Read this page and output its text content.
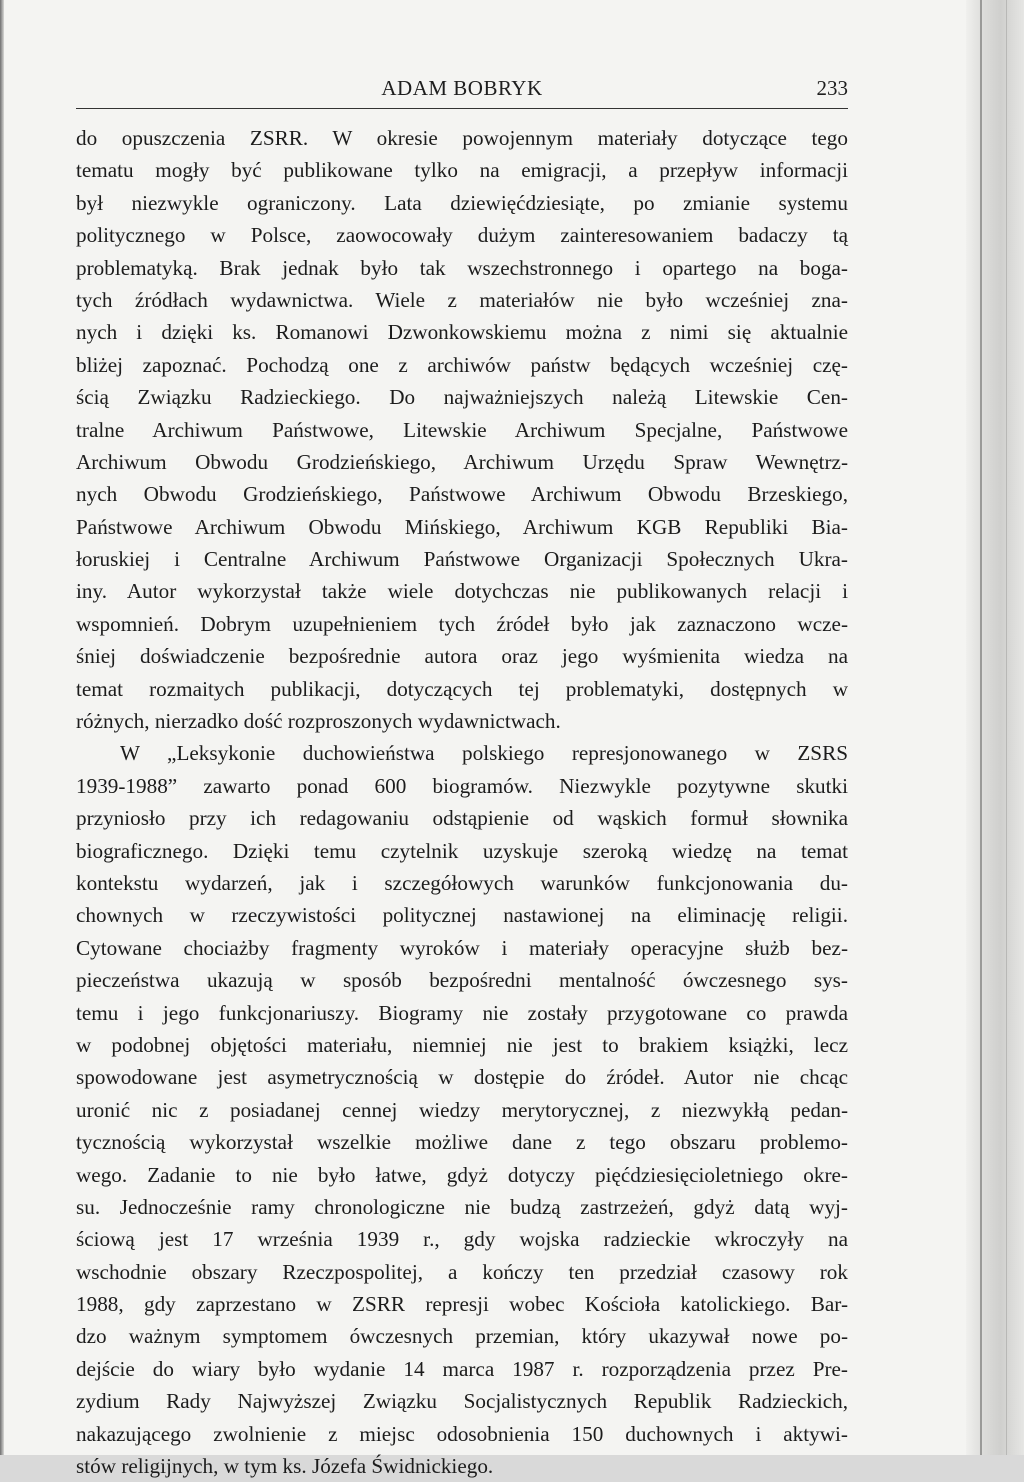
ADAM BOBRYK	233
do opuszczenia ZSRR. W okresie powojennym materiały dotyczące tego
tematu mogły być publikowane tylko na emigracji, a przepływ informacji
był niezwykle ograniczony. Lata dziewięćdziesiąte, po zmianie systemu
politycznego w Polsce, zaowocowały dużym zainteresowaniem badaczy tą
problematyką. Brak jednak było tak wszechstronnego i opartego na boga-
tych źródłach wydawnictwa. Wiele z materiałów nie było wcześniej zna-
nych i dzięki ks. Romanowi Dzwonkowskiemu można z nimi się aktualnie
bliżej zapoznać. Pochodzą one z archiwów państw będących wcześniej czę-
ścią Związku Radzieckiego. Do najważniejszych należą Litewskie Cen-
tralne Archiwum Państwowe, Litewskie Archiwum Specjalne, Państwowe
Archiwum Obwodu Grodzieńskiego, Archiwum Urzędu Spraw Wewnętrz-
nych Obwodu Grodzieńskiego, Państwowe Archiwum Obwodu Brzeskiego,
Państwowe Archiwum Obwodu Mińskiego, Archiwum KGB Republiki Bia-
łoruskiej i Centralne Archiwum Państwowe Organizacji Społecznych Ukra-
iny. Autor wykorzystał także wiele dotychczas nie publikowanych relacji i
wspomnień. Dobrym uzupełnieniem tych źródeł było jak zaznaczono wcze-
śniej doświadczenie bezpośrednie autora oraz jego wyśmienita wiedza na
temat rozmaitych publikacji, dotyczących tej problematyki, dostępnych w
różnych, nierzadko dość rozproszonych wydawnictwach.
W „Leksykonie duchowieństwa polskiego represjonowanego w ZSRS
1939-1988” zawarto ponad 600 biogramów. Niezwykle pozytywne skutki
przyniosło przy ich redagowaniu odstąpienie od wąskich formuł słownika
biograficznego. Dzięki temu czytelnik uzyskuje szeroką wiedzę na temat
kontekstu wydarzeń, jak i szczegółowych warunków funkcjonowania du-
chownych w rzeczywistości politycznej nastawionej na eliminację religii.
Cytowane chociażby fragmenty wyroków i materiały operacyjne służb bez-
pieczeństwa ukazują w sposób bezpośredni mentalność ówczesnego sys-
temu i jego funkcjonariuszy. Biogramy nie zostały przygotowane co prawda
w podobnej objętości materiału, niemniej nie jest to brakiem książki, lecz
spowodowane jest asymetrycznością w dostępie do źródeł. Autor nie chcąc
uronić nic z posiadanej cennej wiedzy merytorycznej, z niezwykłą pedan-
tycznością wykorzystał wszelkie możliwe dane z tego obszaru problemo-
wego. Zadanie to nie było łatwe, gdyż dotyczy pięćdziesięcioletniego okre-
su. Jednocześnie ramy chronologiczne nie budzą zastrzeżeń, gdyż datą wyj-
ściową jest 17 września 1939 r., gdy wojska radzieckie wkroczyły na
wschodnie obszary Rzeczpospolitej, a kończy ten przedział czasowy rok
1988, gdy zaprzestano w ZSRR represji wobec Kościoła katolickiego. Bar-
dzo ważnym symptomem ówczesnych przemian, który ukazywał nowe po-
dejście do wiary było wydanie 14 marca 1987 r. rozporządzenia przez Pre-
zydium Rady Najwyższej Związku Socjalistycznych Republik Radzieckich,
nakazującego zwolnienie z miejsc odosobnienia 150 duchownych i aktywi-
stów religijnych, w tym ks. Józefa Świdnickiego.
